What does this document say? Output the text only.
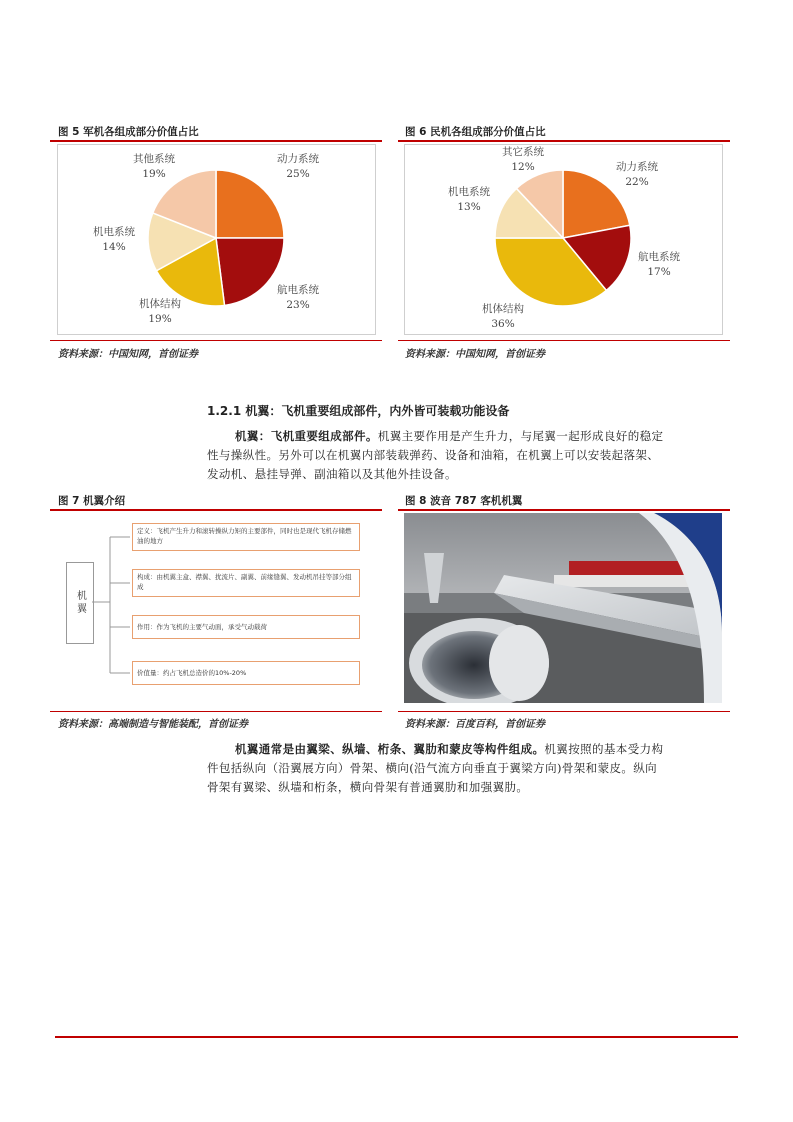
图 5 军机各组成部分价值占比
动力系统
25%
航电系统
23%
机体结构
19%
机电系统
14%
其他系统
19%
资料来源：中国知网，首创证券
图 6 民机各组成部分价值占比
动力系统
22%
航电系统
17%
机体结构
36%
机电系统
13%
其它系统
12%
资料来源：中国知网，首创证券
1.2.1 机翼：飞机重要组成部件，内外皆可装载功能设备
机翼：飞机重要组成部件。机翼主要作用是产生升力，与尾翼一起形成良好的稳定
性与操纵性。另外可以在机翼内部装载弹药、设备和油箱，在机翼上可以安装起落架、
发动机、悬挂导弹、副油箱以及其他外挂设备。
图 7 机翼介绍
机翼
定义：飞机产生升力和滚转操纵力矩的主要部件，同时也是现代飞机存储燃油的地方
构成：由机翼主盒、襟翼、扰流片、副翼、前缘缝翼、发动机吊挂等部分组成
作用：作为飞机的主要气动面，承受气动载荷
价值量：约占飞机总造价的10%-20%
资料来源：高端制造与智能装配，首创证券
图 8 波音 787 客机机翼
资料来源：百度百科，首创证券
机翼通常是由翼梁、纵墙、桁条、翼肋和蒙皮等构件组成。机翼按照的基本受力构
件包括纵向（沿翼展方向）骨架、横向(沿气流方向垂直于翼梁方向)骨架和蒙皮。纵向
骨架有翼梁、纵墙和桁条，横向骨架有普通翼肋和加强翼肋。
